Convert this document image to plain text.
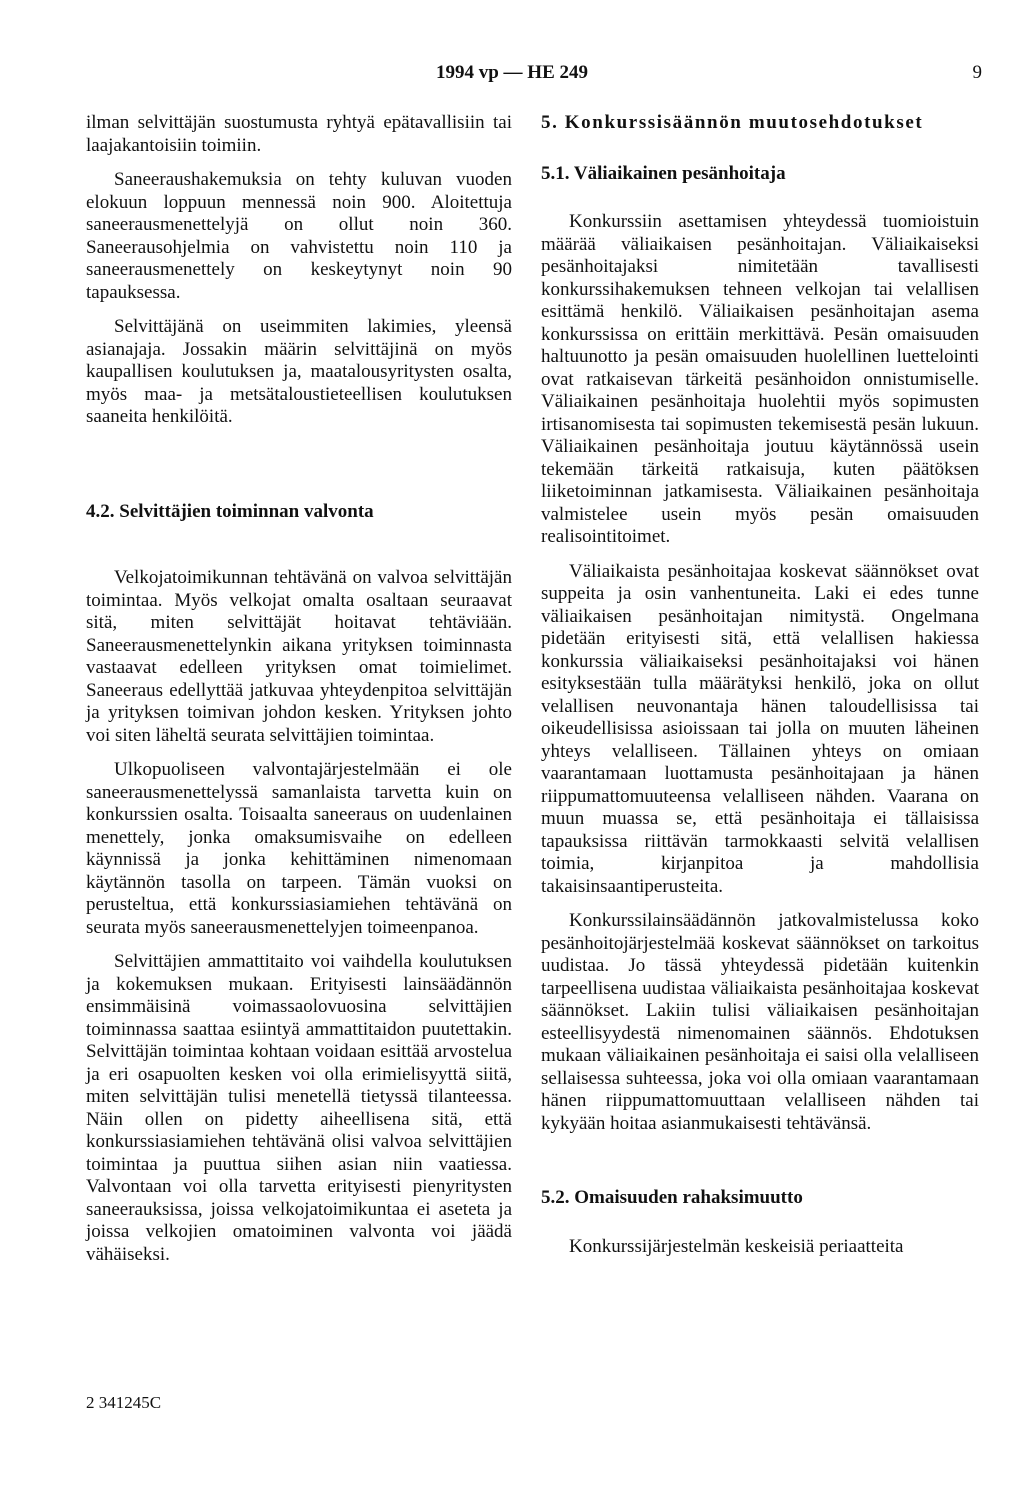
1994 vp — HE 249	9

ilman selvittäjän suostumusta ryhtyä epätavallisiin tai laajakantoisiin toimiin.

Saneeraushakemuksia on tehty kuluvan vuoden elokuun loppuun mennessä noin 900. Aloitettuja saneerausmenettelyjä on ollut noin 360. Saneerausohjelmia on vahvistettu noin 110 ja saneerausmenettely on keskeytynyt noin 90 tapauksessa.

Selvittäjänä on useimmiten lakimies, yleensä asianajaja. Jossakin määrin selvittäjinä on myös kaupallisen koulutuksen ja, maatalousyritysten osalta, myös maa- ja metsätaloustieteellisen koulutuksen saaneita henkilöitä.

4.2. Selvittäjien toiminnan valvonta

Velkojatoimikunnan tehtävänä on valvoa selvittäjän toimintaa. Myös velkojat omalta osaltaan seuraavat sitä, miten selvittäjät hoitavat tehtäviään. Saneerausmenettelynkin aikana yrityksen toiminnasta vastaavat edelleen yrityksen omat toimielimet. Saneeraus edellyttää jatkuvaa yhteydenpitoa selvittäjän ja yrityksen toimivan johdon kesken. Yrityksen johto voi siten läheltä seurata selvittäjien toimintaa.

Ulkopuoliseen valvontajärjestelmään ei ole saneerausmenettelyssä samanlaista tarvetta kuin on konkurssien osalta. Toisaalta saneeraus on uudenlainen menettely, jonka omaksumisvaihe on edelleen käynnissä ja jonka kehittäminen nimenomaan käytännön tasolla on tarpeen. Tämän vuoksi on perusteltua, että konkurssiasiamiehen tehtävänä on seurata myös saneerausmenettelyjen toimeenpanoa.

Selvittäjien ammattitaito voi vaihdella koulutuksen ja kokemuksen mukaan. Erityisesti lainsäädännön ensimmäisinä voimassaolovuosina selvittäjien toiminnassa saattaa esiintyä ammattitaidon puutettakin. Selvittäjän toimintaa kohtaan voidaan esittää arvostelua ja eri osapuolten kesken voi olla erimielisyyttä siitä, miten selvittäjän tulisi menetellä tietyssä tilanteessa. Näin ollen on pidetty aiheellisena sitä, että konkurssiasiamiehen tehtävänä olisi valvoa selvittäjien toimintaa ja puuttua siihen asian niin vaatiessa. Valvontaan voi olla tarvetta erityisesti pienyritysten saneerauksissa, joissa velkojatoimikuntaa ei aseteta ja joissa velkojien omatoiminen valvonta voi jäädä vähäiseksi.

5. Konkurssisäännön muutosehdotukset
5.1. Väliaikainen pesänhoitaja

Konkurssiin asettamisen yhteydessä tuomioistuin määrää väliaikaisen pesänhoitajan. Väliaikaiseksi pesänhoitajaksi nimitetään tavallisesti konkurssihakemuksen tehneen velkojan tai velallisen esittämä henkilö. Väliaikaisen pesänhoitajan asema konkurssissa on erittäin merkittävä. Pesän omaisuuden haltuunotto ja pesän omaisuuden huolellinen luettelointi ovat ratkaisevan tärkeitä pesänhoidon onnistumiselle. Väliaikainen pesänhoitaja huolehtii myös sopimusten irtisanomisesta tai sopimusten tekemisestä pesän lukuun. Väliaikainen pesänhoitaja joutuu käytännössä usein tekemään tärkeitä ratkaisuja, kuten päätöksen liiketoiminnan jatkamisesta. Väliaikainen pesänhoitaja valmistelee usein myös pesän omaisuuden realisointitoimet.

Väliaikaista pesänhoitajaa koskevat säännökset ovat suppeita ja osin vanhentuneita. Laki ei edes tunne väliaikaisen pesänhoitajan nimitystä. Ongelmana pidetään erityisesti sitä, että velallisen hakiessa konkurssia väliaikaiseksi pesänhoitajaksi voi hänen esityksestään tulla määrätyksi henkilö, joka on ollut velallisen neuvonantaja hänen taloudellisissa tai oikeudellisissa asioissaan tai jolla on muuten läheinen yhteys velalliseen. Tällainen yhteys on omiaan vaarantamaan luottamusta pesänhoitajaan ja hänen riippumattomuuteensa velalliseen nähden. Vaarana on muun muassa se, että pesänhoitaja ei tällaisissa tapauksissa riittävän tarmokkaasti selvitä velallisen toimia, kirjanpitoa ja mahdollisia takaisinsaantiperusteita.

Konkurssilainsäädännön jatkovalmistelussa koko pesänhoitojärjestelmää koskevat säännökset on tarkoitus uudistaa. Jo tässä yhteydessä pidetään kuitenkin tarpeellisena uudistaa väliaikaista pesänhoitajaa koskevat säännökset. Lakiin tulisi väliaikaisen pesänhoitajan esteellisyydestä nimenomainen säännös. Ehdotuksen mukaan väliaikainen pesänhoitaja ei saisi olla velalliseen sellaisessa suhteessa, joka voi olla omiaan vaarantamaan hänen riippumattomuuttaan velalliseen nähden tai kykyään hoitaa asianmukaisesti tehtävänsä.

5.2. Omaisuuden rahaksimuutto

Konkurssijärjestelmän keskeisiä periaatteita

2 341245C
